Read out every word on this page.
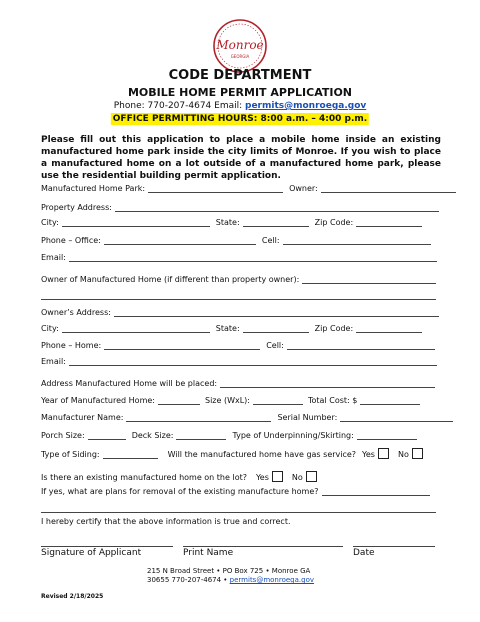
Monroe
GEORGIA
CODE DEPARTMENT
MOBILE HOME PERMIT APPLICATION
Phone: 770-207-4674 Email: permits@monroega.gov
OFFICE PERMITTING HOURS: 8:00 a.m. – 4:00 p.m.
Please fill out this application to place a mobile home inside an existing manufactured home park inside the city limits of Monroe. If you wish to place a manufactured home on a lot outside of a manufactured home park, please use the residential building permit application.
Manufactured Home Park:	Owner:
Property Address:
City:	State:	Zip Code:
Phone – Office:	Cell:
Email:
Owner of Manufactured Home (if different than property owner):
Owner’s Address:
City:	State:	Zip Code:
Phone – Home:	Cell:
Email:
Address Manufactured Home will be placed:
Year of Manufactured Home:	Size (WxL):	Total Cost: $
Manufacturer Name:	Serial Number:
Porch Size:	Deck Size:	Type of Underpinning/Skirting:
Type of Siding:	Will the manufactured home have gas service? Yes	No
Is there an existing manufactured home on the lot? Yes	No
If yes, what are plans for removal of the existing manufacture home?
I hereby certify that the above information is true and correct.
Signature of Applicant	Print Name	Date
215 N Broad Street • PO Box 725 • Monroe GA
30655 770-207-4674 • permits@monroega.gov
Revised 2/18/2025
